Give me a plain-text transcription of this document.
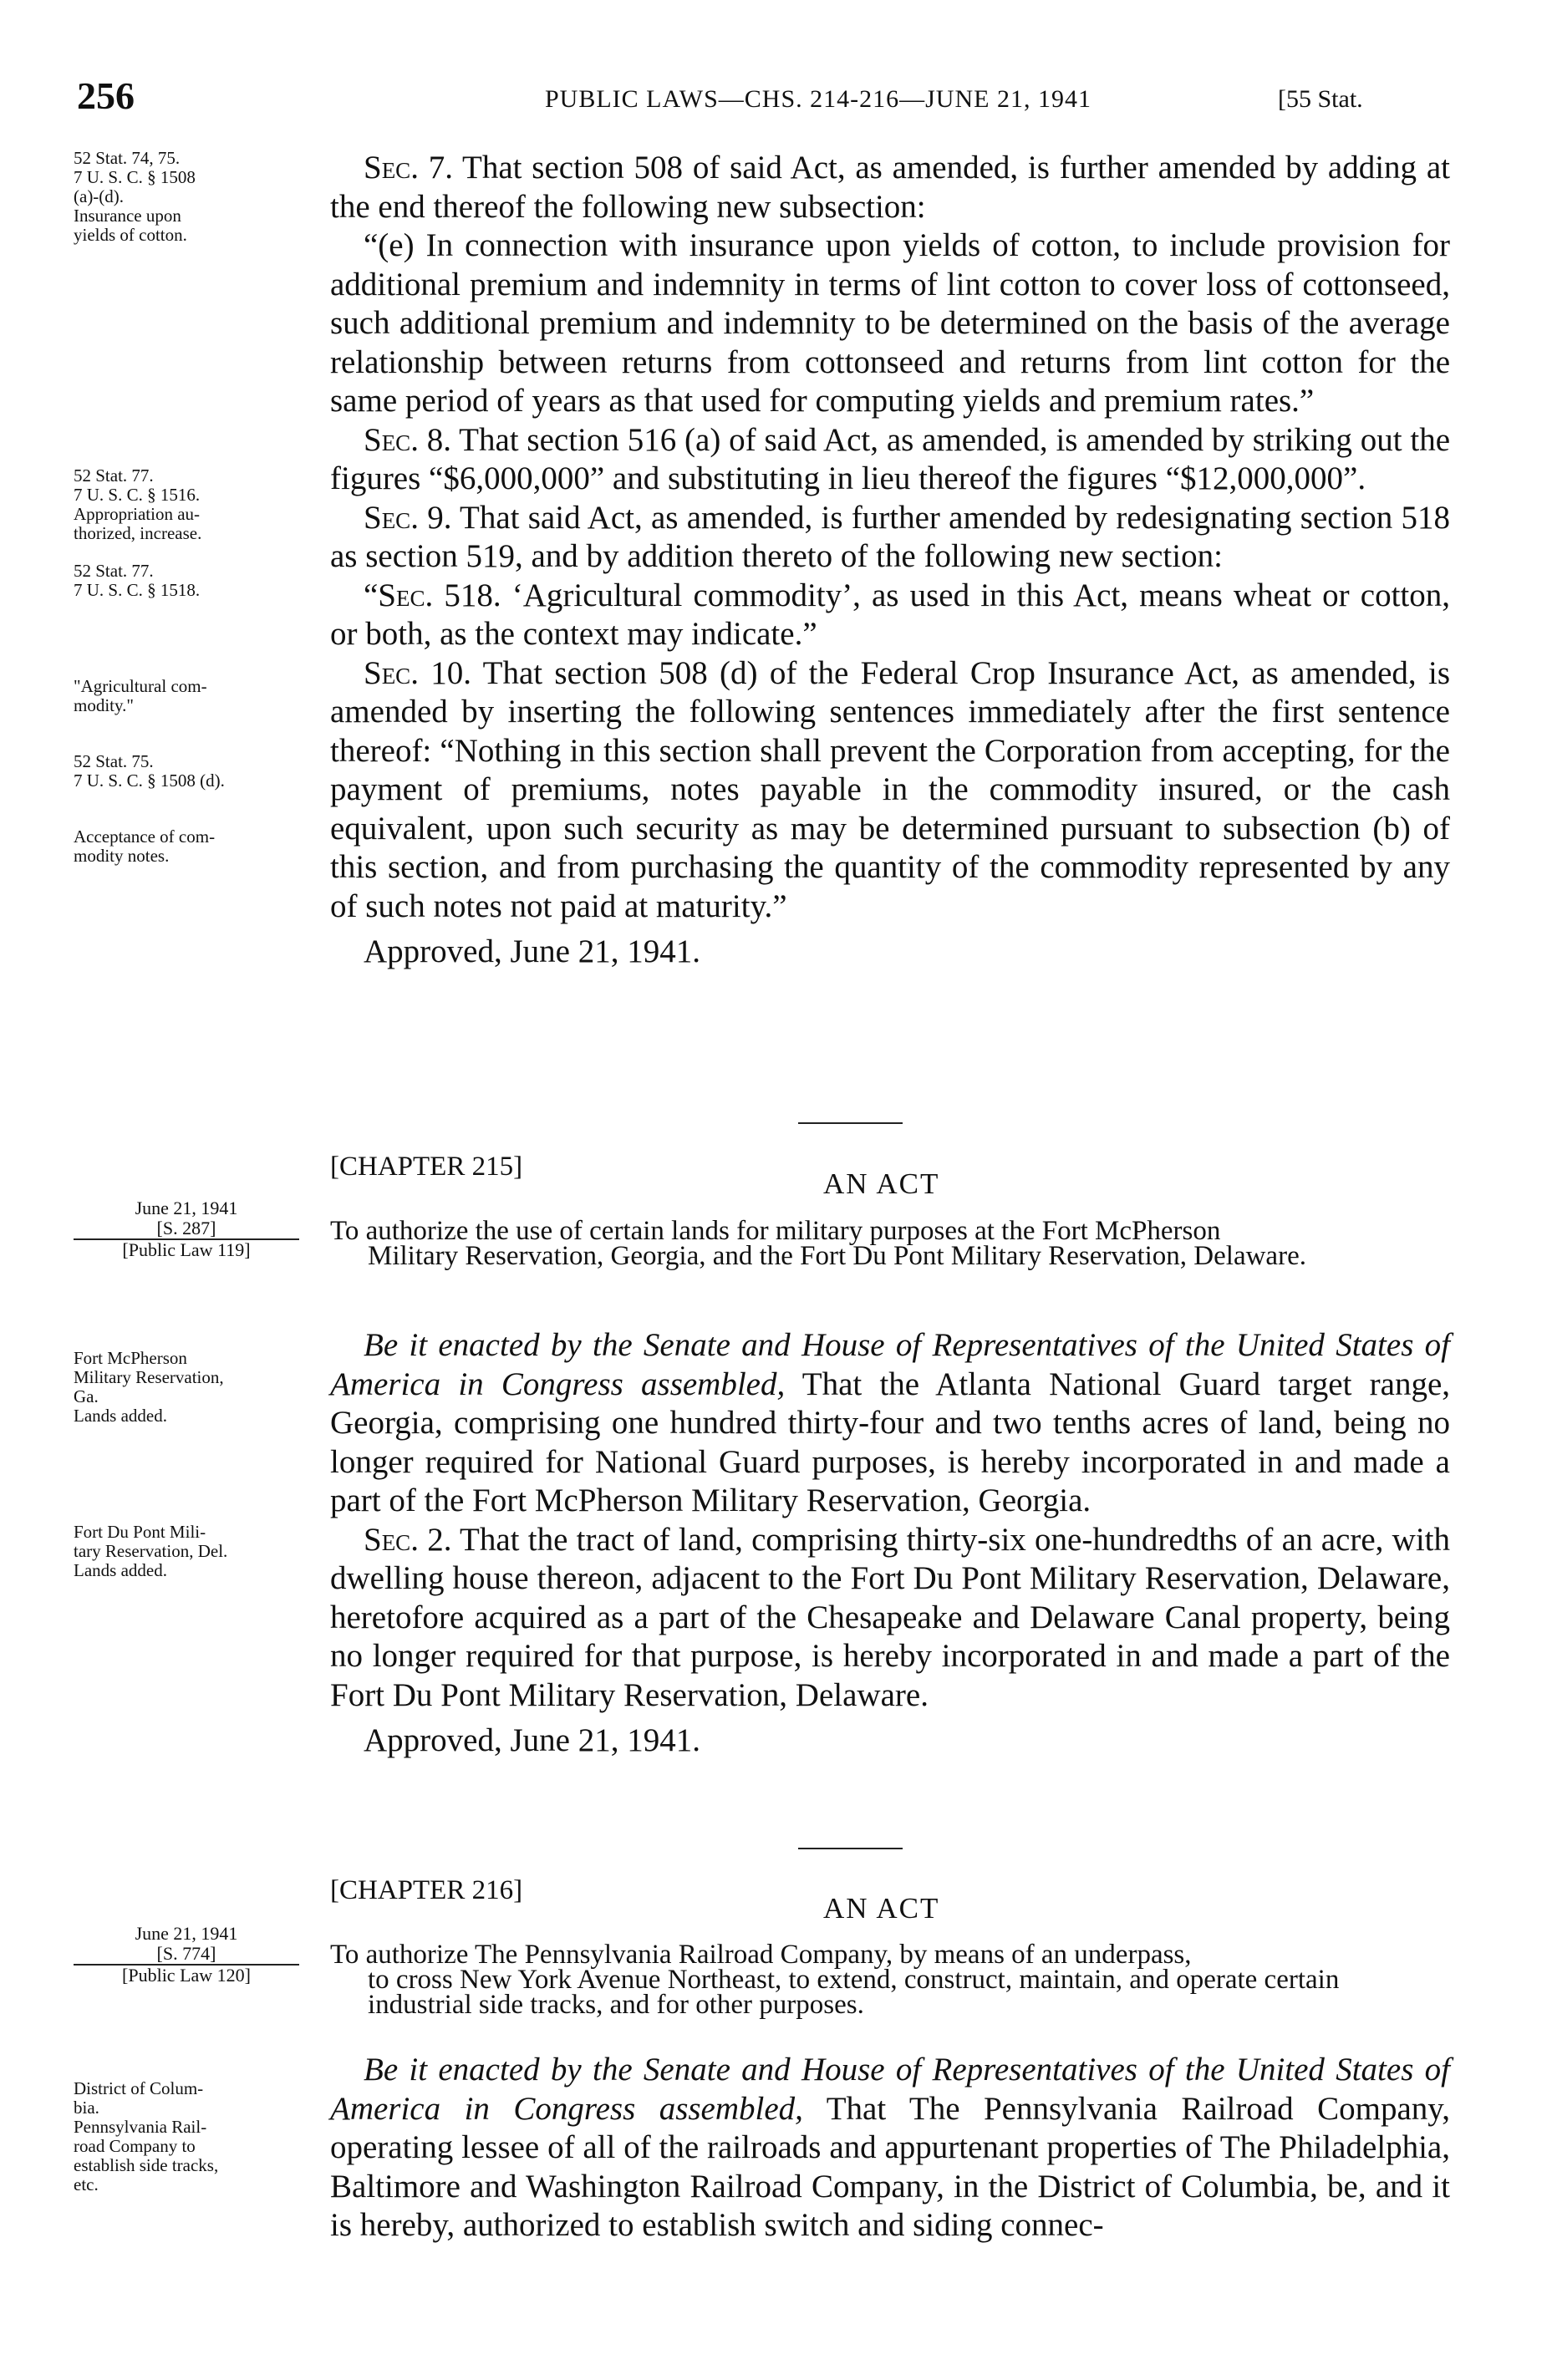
256	PUBLIC LAWS—CHS. 214-216—JUNE 21, 1941	[55 Stat.
52 Stat. 74, 75.
7 U. S. C. § 1508
(a)-(d).
Insurance upon
yields of cotton.
52 Stat. 77.
7 U. S. C. § 1516.
Appropriation au-
thorized, increase.
52 Stat. 77.
7 U. S. C. § 1518.
"Agricultural com-
modity."
52 Stat. 75.
7 U. S. C. § 1508 (d).
Acceptance of com-
modity notes.

Sec. 7. That section 508 of said Act, as amended, is further amended by adding at the end thereof the following new subsection:

“(e) In connection with insurance upon yields of cotton, to include provision for additional premium and indemnity in terms of lint cotton to cover loss of cottonseed, such additional premium and indemnity to be determined on the basis of the average relationship between returns from cottonseed and returns from lint cotton for the same period of years as that used for computing yields and premium rates.”

Sec. 8. That section 516 (a) of said Act, as amended, is amended by striking out the figures “$6,000,000” and substituting in lieu thereof the figures “$12,000,000”.

Sec. 9. That said Act, as amended, is further amended by redesignating section 518 as section 519, and by addition thereto of the following new section:

“Sec. 518. ‘Agricultural commodity’, as used in this Act, means wheat or cotton, or both, as the context may indicate.”

Sec. 10. That section 508 (d) of the Federal Crop Insurance Act, as amended, is amended by inserting the following sentences immediately after the first sentence thereof: “Nothing in this section shall prevent the Corporation from accepting, for the payment of premiums, notes payable in the commodity insured, or the cash equivalent, upon such security as may be determined pursuant to subsection (b) of this section, and from purchasing the quantity of the commodity represented by any of such notes not paid at maturity.”

Approved, June 21, 1941.

[CHAPTER 215]
AN ACT
June 21, 1941
[S. 287]
[Public Law 119]
To authorize the use of certain lands for military purposes at the Fort McPherson
Military Reservation, Georgia, and the Fort Du Pont Military Reservation, Delaware.
Fort McPherson
Military Reservation,
Ga.
Lands added.
Fort Du Pont Mili-
tary Reservation, Del.
Lands added.

Be it enacted by the Senate and House of Representatives of the United States of America in Congress assembled, That the Atlanta National Guard target range, Georgia, comprising one hundred thirty-four and two tenths acres of land, being no longer required for National Guard purposes, is hereby incorporated in and made a part of the Fort McPherson Military Reservation, Georgia.

Sec. 2. That the tract of land, comprising thirty-six one-hundredths of an acre, with dwelling house thereon, adjacent to the Fort Du Pont Military Reservation, Delaware, heretofore acquired as a part of the Chesapeake and Delaware Canal property, being no longer required for that purpose, is hereby incorporated in and made a part of the Fort Du Pont Military Reservation, Delaware.

Approved, June 21, 1941.

[CHAPTER 216]
AN ACT
June 21, 1941
[S. 774]
[Public Law 120]
To authorize The Pennsylvania Railroad Company, by means of an underpass,
to cross New York Avenue Northeast, to extend, construct, maintain, and operate certain industrial side tracks, and for other purposes.
District of Colum-
bia.
Pennsylvania Rail-
road Company to
establish side tracks,
etc.

Be it enacted by the Senate and House of Representatives of the United States of America in Congress assembled, That The Pennsylvania Railroad Company, operating lessee of all of the railroads and appurtenant properties of The Philadelphia, Baltimore and Washington Railroad Company, in the District of Columbia, be, and it is hereby, authorized to establish switch and siding connec-
